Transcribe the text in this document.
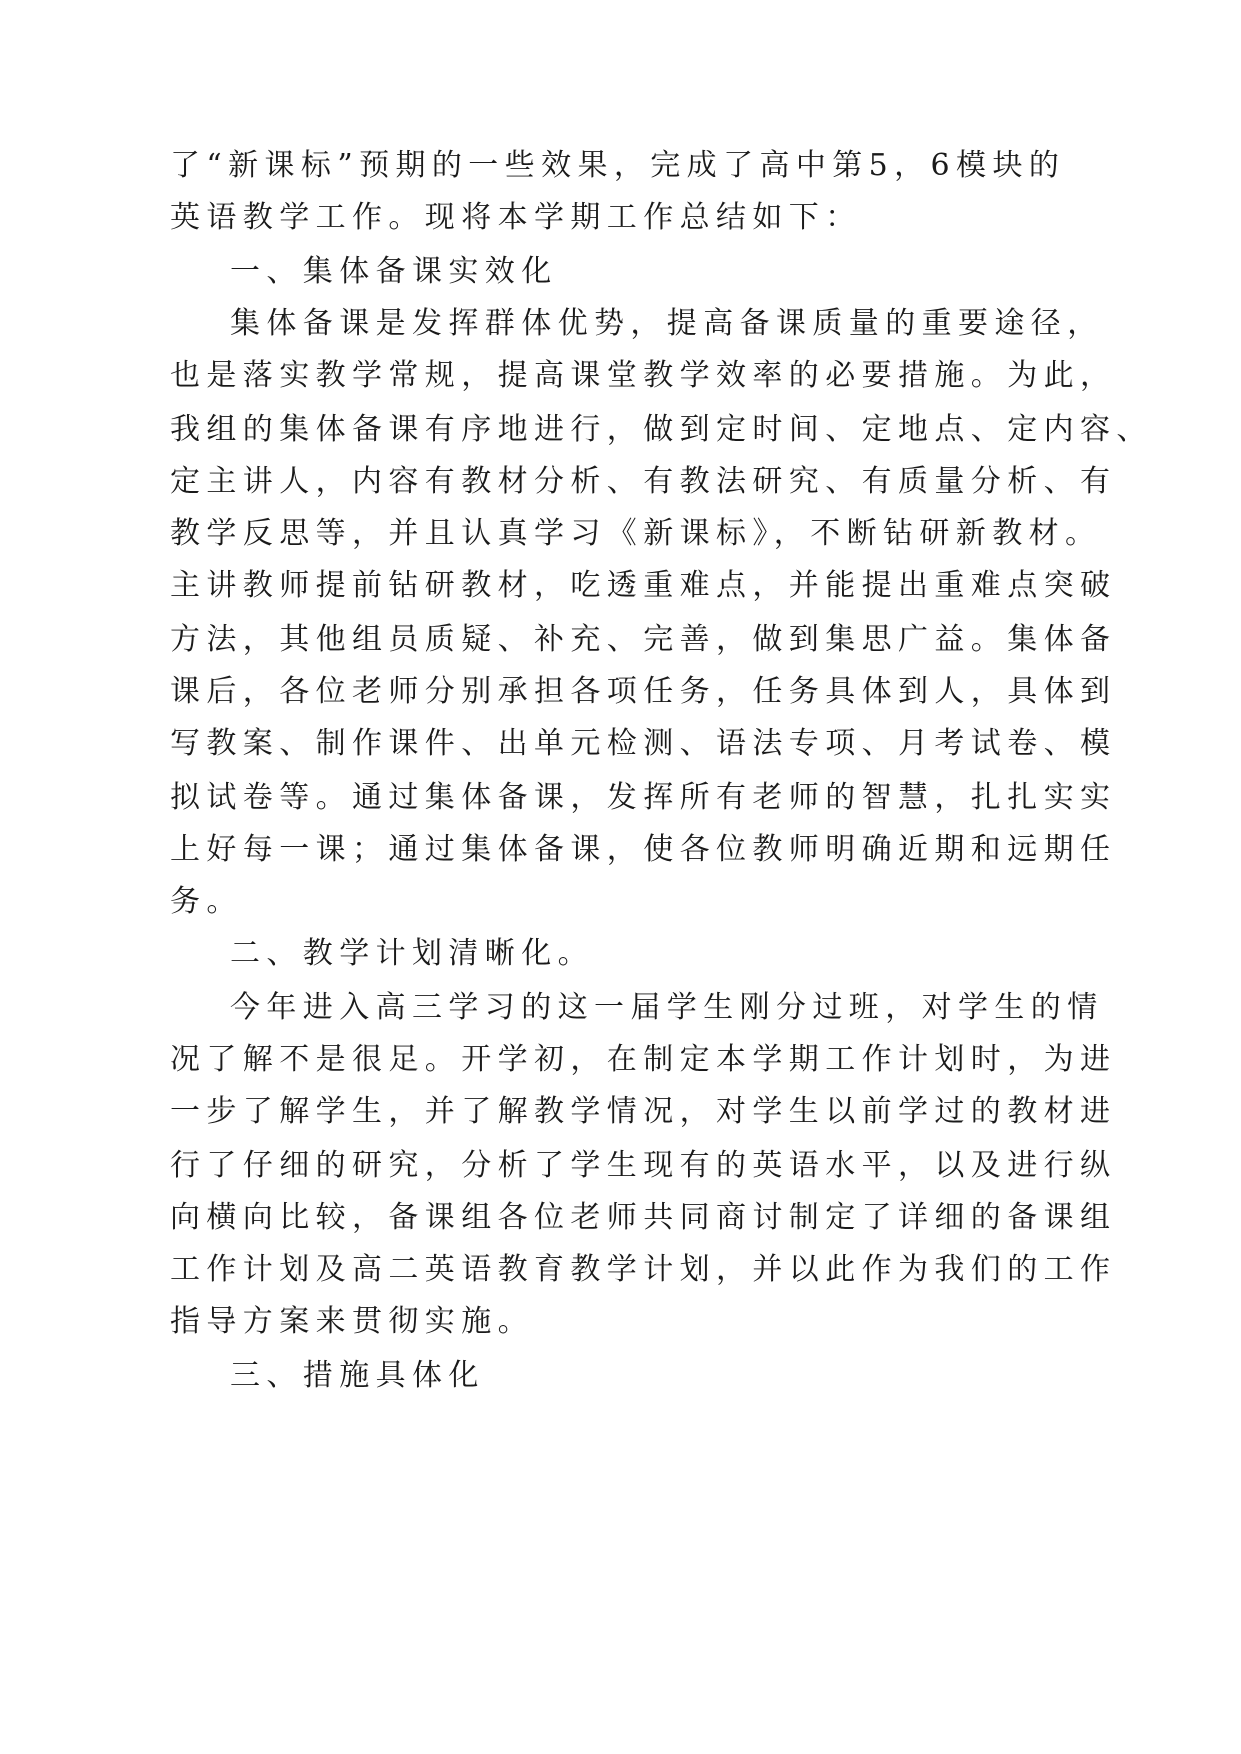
了“新课标”预期的一些效果，完成了高中第5，6模块的
英语教学工作。现将本学期工作总结如下：
一、集体备课实效化
集体备课是发挥群体优势，提高备课质量的重要途径，
也是落实教学常规，提高课堂教学效率的必要措施。为此，
我组的集体备课有序地进行，做到定时间、定地点、定内容、
定主讲人，内容有教材分析、有教法研究、有质量分析、有
教学反思等，并且认真学习《新课标》，不断钻研新教材。
主讲教师提前钻研教材，吃透重难点，并能提出重难点突破
方法，其他组员质疑、补充、完善，做到集思广益。集体备
课后，各位老师分别承担各项任务，任务具体到人，具体到
写教案、制作课件、出单元检测、语法专项、月考试卷、模
拟试卷等。通过集体备课，发挥所有老师的智慧，扎扎实实
上好每一课；通过集体备课，使各位教师明确近期和远期任
务。
二、教学计划清晰化。
今年进入高三学习的这一届学生刚分过班，对学生的情
况了解不是很足。开学初，在制定本学期工作计划时，为进
一步了解学生，并了解教学情况，对学生以前学过的教材进
行了仔细的研究，分析了学生现有的英语水平，以及进行纵
向横向比较，备课组各位老师共同商讨制定了详细的备课组
工作计划及高二英语教育教学计划，并以此作为我们的工作
指导方案来贯彻实施。
三、措施具体化
